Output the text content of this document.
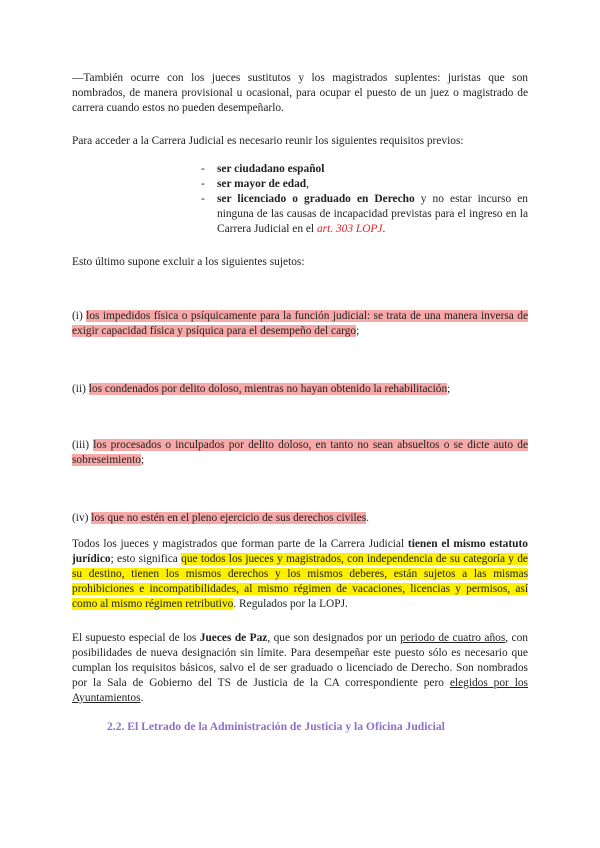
—También ocurre con los jueces sustitutos y los magistrados suplentes: juristas que son nombrados, de manera provisional u ocasional, para ocupar el puesto de un juez o magistrado de carrera cuando estos no pueden desempeñarlo.

Para acceder a la Carrera Judicial es necesario reunir los siguientes requisitos previos:

- ser ciudadano español
- ser mayor de edad,
- ser licenciado o graduado en Derecho y no estar incurso en ninguna de las causas de incapacidad previstas para el ingreso en la Carrera Judicial en el art. 303 LOPJ.

Esto último supone excluir a los siguientes sujetos:

(i) los impedidos física o psíquicamente para la función judicial: se trata de una manera inversa de exigir capacidad física y psíquica para el desempeño del cargo;

(ii) los condenados por delito doloso, mientras no hayan obtenido la rehabilitación;

(iii) los procesados o inculpados por delito doloso, en tanto no sean absueltos o se dicte auto de sobreseimiento;

(iv) los que no estén en el pleno ejercicio de sus derechos civiles.

Todos los jueces y magistrados que forman parte de la Carrera Judicial tienen el mismo estatuto jurídico; esto significa que todos los jueces y magistrados, con independencia de su categoría y de su destino, tienen los mismos derechos y los mismos deberes, están sujetos a las mismas prohibiciones e incompatibilidades, al mismo régimen de vacaciones, licencias y permisos, así como al mismo régimen retributivo. Regulados por la LOPJ.

El supuesto especial de los Jueces de Paz, que son designados por un periodo de cuatro años, con posibilidades de nueva designación sin límite. Para desempeñar este puesto sólo es necesario que cumplan los requisitos básicos, salvo el de ser graduado o licenciado de Derecho. Son nombrados por la Sala de Gobierno del TS de Justicia de la CA correspondiente pero elegidos por los Ayuntamientos.

2.2. El Letrado de la Administración de Justicia y la Oficina Judicial
